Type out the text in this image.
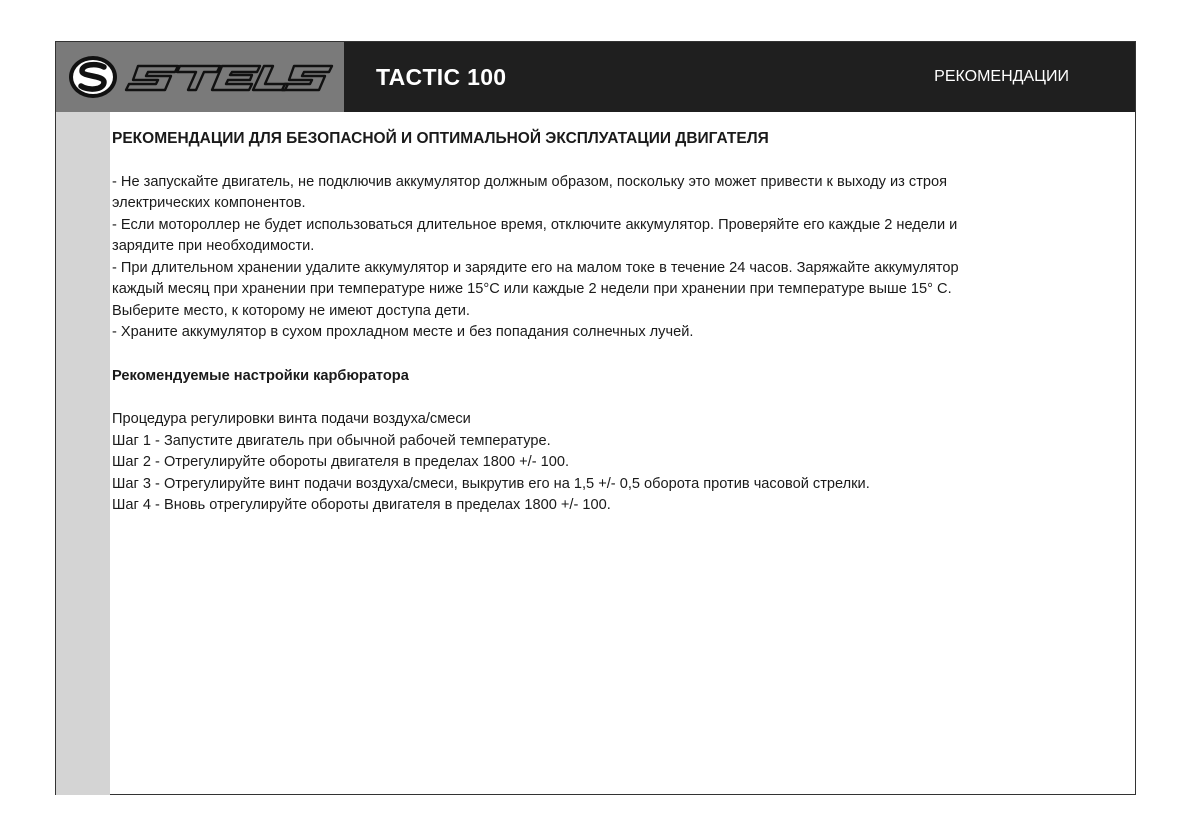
TACTIC 100	РЕКОМЕНДАЦИИ

РЕКОМЕНДАЦИИ ДЛЯ БЕЗОПАСНОЙ И ОПТИМАЛЬНОЙ ЭКСПЛУАТАЦИИ ДВИГАТЕЛЯ

- Не запускайте двигатель, не подключив аккумулятор должным образом, поскольку это может привести к выходу из строя электрических компонентов.

- Если мотороллер не будет использоваться длительное время, отключите аккумулятор. Проверяйте его каждые 2 недели и зарядите при необходимости.

- При длительном хранении удалите аккумулятор и зарядите его на малом токе в течение 24 часов. Заряжайте аккумулятор каждый месяц при хранении при температуре ниже 15°C или каждые 2 недели при хранении при температуре выше 15° С. Выберите место, к которому не имеют доступа дети.

- Храните аккумулятор в сухом прохладном месте и без попадания солнечных лучей.

Рекомендуемые настройки карбюратора

Процедура регулировки винта подачи воздуха/смеси

Шаг 1 - Запустите двигатель при обычной рабочей температуре.

Шаг 2 - Отрегулируйте обороты двигателя в пределах 1800 +/- 100.

Шаг 3 - Отрегулируйте винт подачи воздуха/смеси, выкрутив его на 1,5 +/- 0,5 оборота против часовой стрелки.

Шаг 4 - Вновь отрегулируйте обороты двигателя в пределах 1800 +/- 100.
